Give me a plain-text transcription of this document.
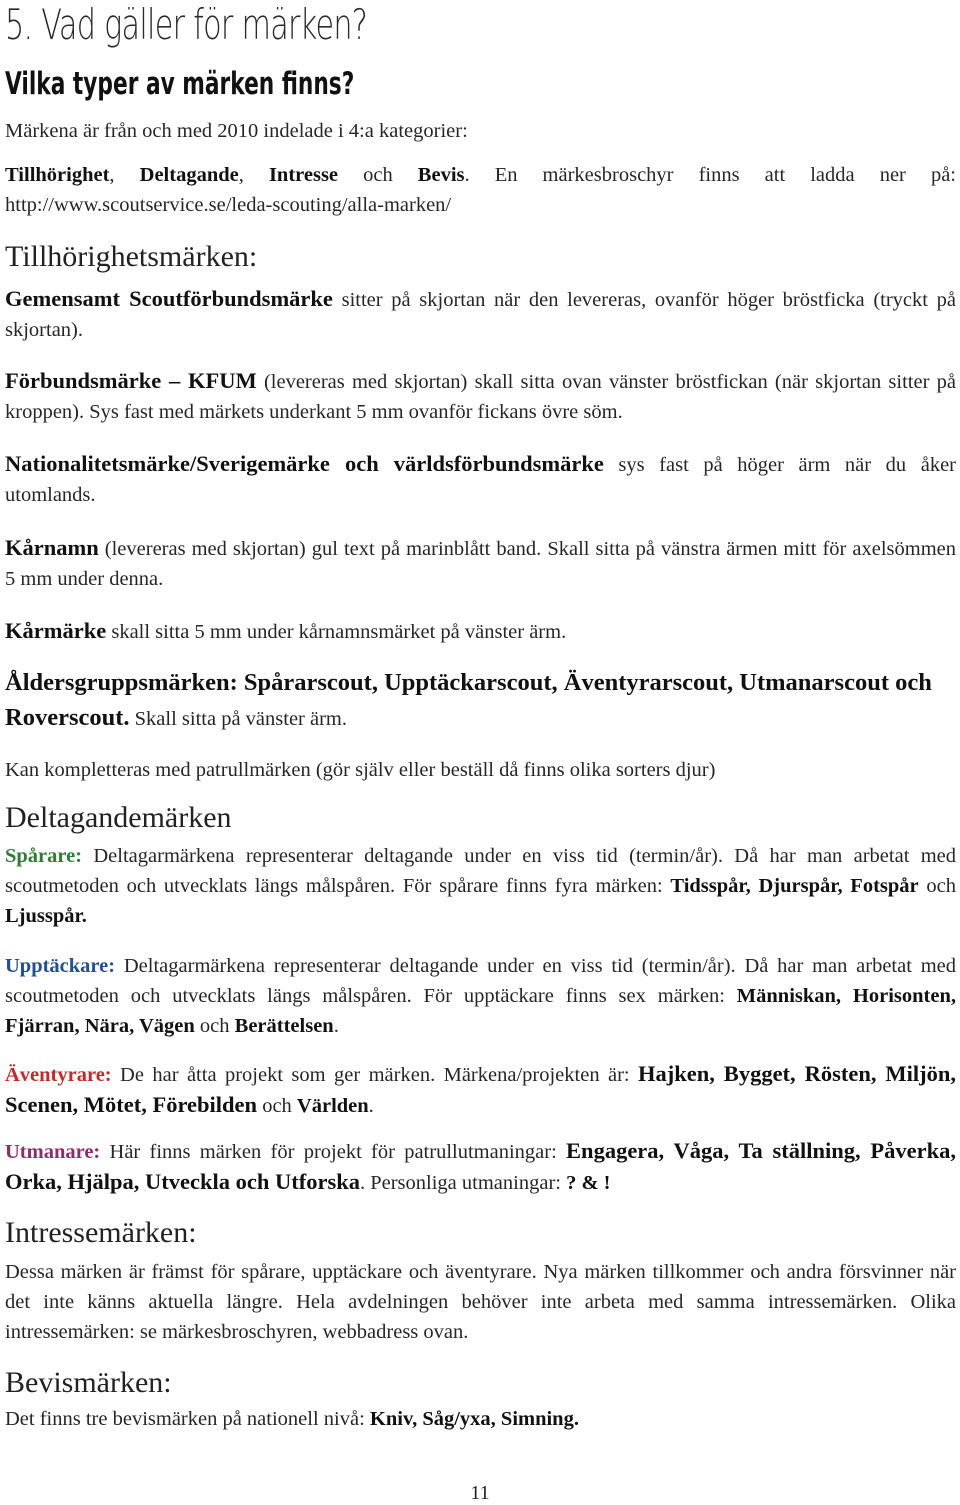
5. Vad gäller för märken?
Vilka typer av märken finns?

Märkena är från och med 2010 indelade i 4:a kategorier:

Tillhörighet, Deltagande, Intresse och Bevis. En märkesbroschyr finns att ladda ner på: http://www.scoutservice.se/leda-scouting/alla-marken/

Tillhörighetsmärken:

Gemensamt Scoutförbundsmärke sitter på skjortan när den levereras, ovanför höger bröstficka (tryckt på skjortan).

Förbundsmärke – KFUM (levereras med skjortan) skall sitta ovan vänster bröstfickan (när skjortan sitter på kroppen). Sys fast med märkets underkant 5 mm ovanför fickans övre söm.

Nationalitetsmärke/Sverigemärke och världsförbundsmärke sys fast på höger ärm när du åker utomlands.

Kårnamn (levereras med skjortan) gul text på marinblått band. Skall sitta på vänstra ärmen mitt för axelsömmen 5 mm under denna.

Kårmärke skall sitta 5 mm under kårnamnsmärket på vänster ärm.

Åldersgruppsmärken: Spårarscout, Upptäckarscout, Äventyrarscout, Utmanarscout och Roverscout. Skall sitta på vänster ärm.

Kan kompletteras med patrullmärken (gör själv eller beställ då finns olika sorters djur)

Deltagandemärken

Spårare: Deltagarmärkena representerar deltagande under en viss tid (termin/år). Då har man arbetat med scoutmetoden och utvecklats längs målspåren. För spårare finns fyra märken: Tidsspår, Djurspår, Fotspår och Ljusspår.

Upptäckare: Deltagarmärkena representerar deltagande under en viss tid (termin/år). Då har man arbetat med scoutmetoden och utvecklats längs målspåren. För upptäckare finns sex märken: Människan, Horisonten, Fjärran, Nära, Vägen och Berättelsen.

Äventyrare: De har åtta projekt som ger märken. Märkena/projekten är: Hajken, Bygget, Rösten, Miljön, Scenen, Mötet, Förebilden och Världen.

Utmanare: Här finns märken för projekt för patrullutmaningar: Engagera, Våga, Ta ställning, Påverka, Orka, Hjälpa, Utveckla och Utforska. Personliga utmaningar: ? & !

Intressemärken:

Dessa märken är främst för spårare, upptäckare och äventyrare. Nya märken tillkommer och andra försvinner när det inte känns aktuella längre. Hela avdelningen behöver inte arbeta med samma intressemärken. Olika intressemärken: se märkesbroschyren, webbadress ovan.

Bevismärken:

Det finns tre bevismärken på nationell nivå: Kniv, Såg/yxa, Simning.

11
